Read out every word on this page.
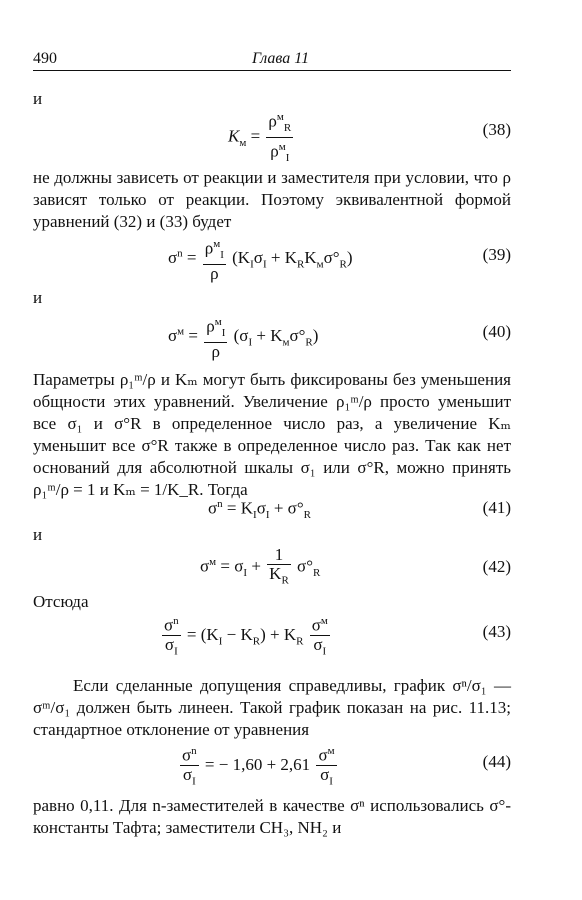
490	Глава 11
и
$K_м = \frac{\rho^м_R}{\rho^м_I}$	(38)
не должны зависеть от реакции и заместителя при условии, что ρ зависят только от реакции. Поэтому эквивалентной формой уравнений (32) и (33) будет
$\sigma^n = \frac{\rho^м_I}{\rho} (K_I\sigma_I + K_RK_м\sigma^\circ_R)$	(39)
и
$\sigma^м = \frac{\rho^м_I}{\rho} (\sigma_I + K_м\sigma^\circ_R)$	(40)
Параметры ρ₁ᵐ/ρ и Kₘ могут быть фиксированы без уменьшения общности этих уравнений. Увеличение ρ₁ᵐ/ρ просто уменьшит все σ₁ и σ°R в определенное число раз, а увеличение Kₘ уменьшит все σ°R также в определенное число раз. Так как нет оснований для абсолютной шкалы σ₁ или σ°R, можно принять ρ₁ᵐ/ρ = 1 и Kₘ = 1/K_R. Тогда
$\sigma^n = K_I\sigma_I + \sigma^\circ_R$	(41)
и
$\sigma^м = \sigma_I + \frac{1}{K_R} \sigma^\circ_R$	(42)
Отсюда
$\frac{\sigma^n}{\sigma_I} = (K_I - K_R) + K_R \frac{\sigma^м}{\sigma_I}$	(43)
Если сделанные допущения справедливы, график σⁿ/σ₁ — σᵐ/σ₁ должен быть линеен. Такой график показан на рис. 11.13; стандартное отклонение от уравнения
$\frac{\sigma^n}{\sigma_I}$ = − $1,60 + 2,61 \frac{\sigma^м}{\sigma_I}$	(44)
равно 0,11. Для n-заместителей в качестве σⁿ использовались σ°-константы Тафта; заместители CH₃, NH₂ и
